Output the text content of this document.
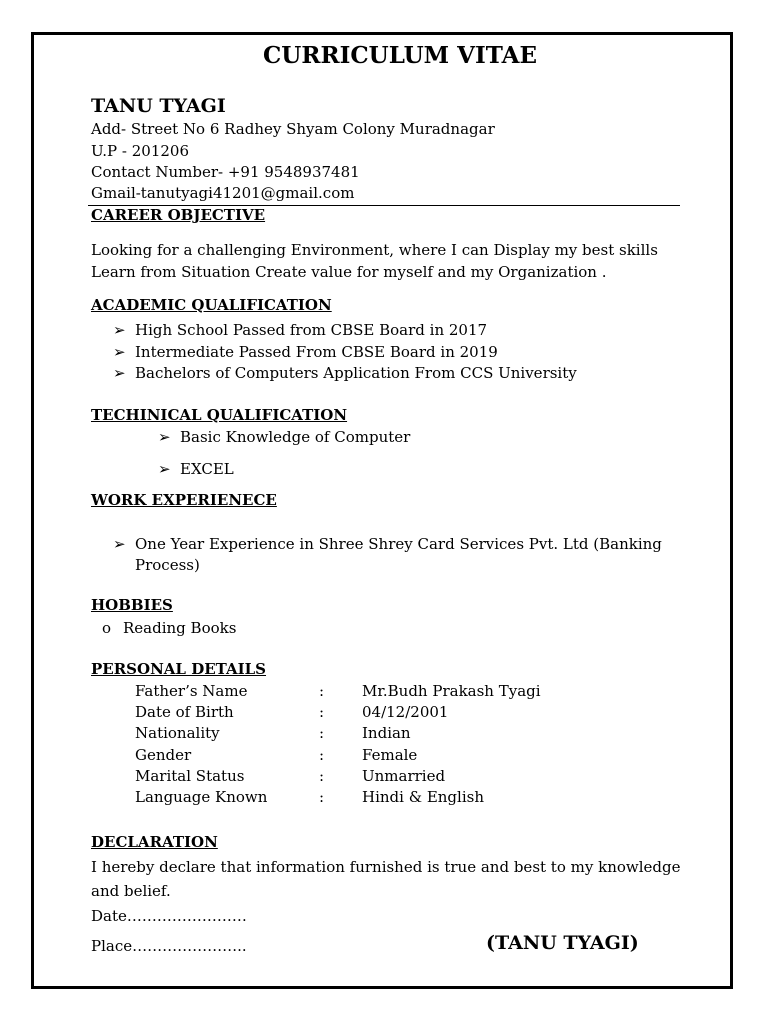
CURRICULUM VITAE
TANU TYAGI
Add- Street No 6 Radhey Shyam Colony Muradnagar
U.P - 201206
Contact Number- +91 9548937481
Gmail-tanutyagi41201@gmail.com
CAREER OBJECTIVE
Looking for a challenging Environment, where I can Display my best skills
Learn from Situation Create value for myself and my Organization .
ACADEMIC QUALIFICATION
➢ High School Passed from CBSE Board in 2017
➢ Intermediate Passed From CBSE Board in 2019
➢ Bachelors of Computers Application From CCS University
TECHINICAL QUALIFICATION
➢ Basic Knowledge of Computer
➢ EXCEL
WORK EXPERIENECE
➢ One Year Experience in Shree Shrey Card Services Pvt. Ltd (Banking
Process)
HOBBIES
o Reading Books
PERSONAL DETAILS
Father’s Name	:	Mr.Budh Prakash Tyagi
Date of Birth	:	04/12/2001
Nationality	:	Indian
Gender	:	Female
Marital Status	:	Unmarried
Language Known	:	Hindi & English
DECLARATION
I hereby declare that information furnished is true and best to my knowledge
and belief.
Date……………………
Place…………………..	(TANU TYAGI)
